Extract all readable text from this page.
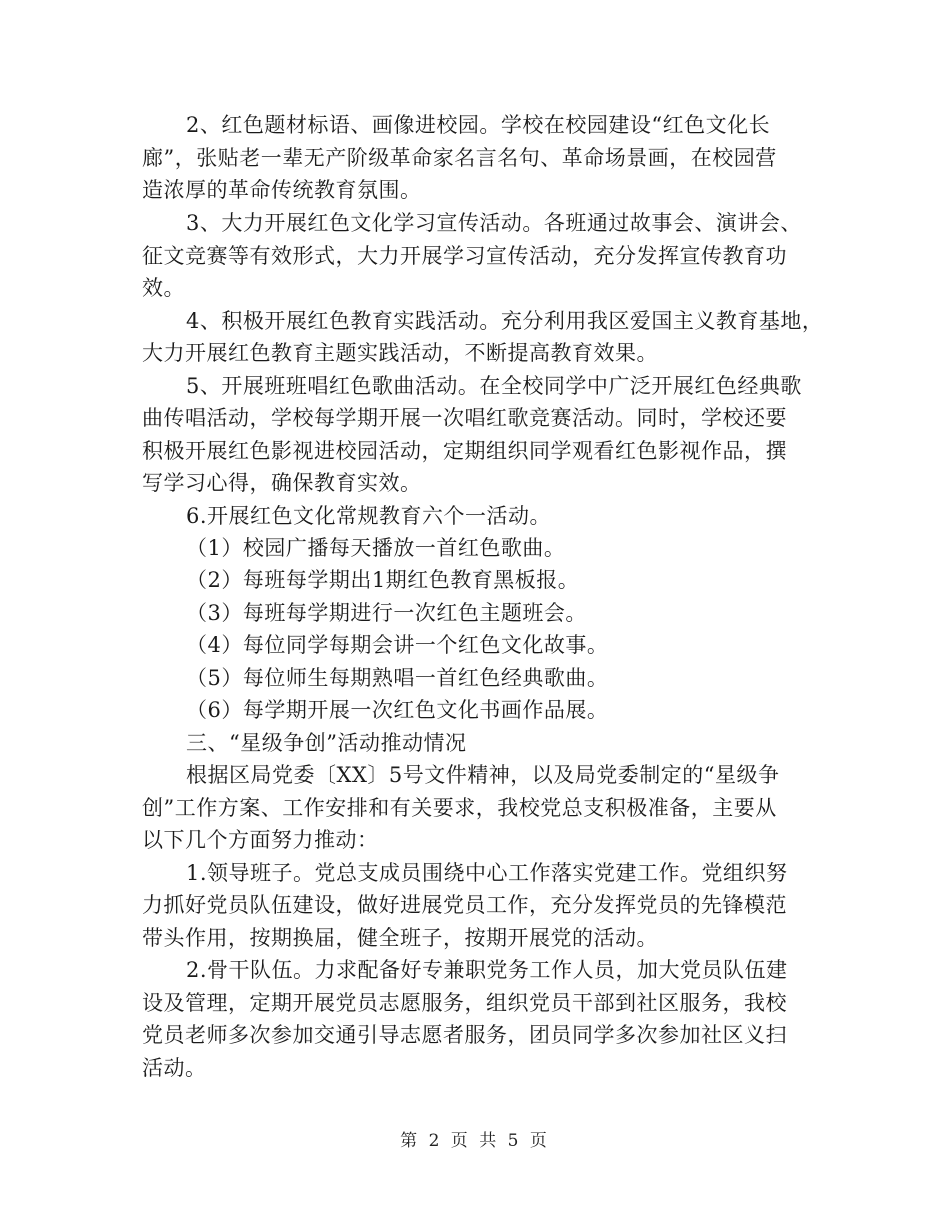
2、红色题材标语、画像进校园。学校在校园建设“红色文化长
廊”，张贴老一辈无产阶级革命家名言名句、革命场景画，在校园营
造浓厚的革命传统教育氛围。
3、大力开展红色文化学习宣传活动。各班通过故事会、演讲会、
征文竞赛等有效形式，大力开展学习宣传活动，充分发挥宣传教育功
效。
4、积极开展红色教育实践活动。充分利用我区爱国主义教育基地，
大力开展红色教育主题实践活动，不断提高教育效果。
5、开展班班唱红色歌曲活动。在全校同学中广泛开展红色经典歌
曲传唱活动，学校每学期开展一次唱红歌竞赛活动。同时，学校还要
积极开展红色影视进校园活动，定期组织同学观看红色影视作品，撰
写学习心得，确保教育实效。
6.开展红色文化常规教育六个一活动。
（1）校园广播每天播放一首红色歌曲。
（2）每班每学期出1期红色教育黑板报。
（3）每班每学期进行一次红色主题班会。
（4）每位同学每期会讲一个红色文化故事。
（5）每位师生每期熟唱一首红色经典歌曲。
（6）每学期开展一次红色文化书画作品展。
三、“星级争创”活动推动情况
根据区局党委〔XX〕5号文件精神，以及局党委制定的“星级争
创”工作方案、工作安排和有关要求，我校党总支积极准备，主要从
以下几个方面努力推动：
1.领导班子。党总支成员围绕中心工作落实党建工作。党组织努
力抓好党员队伍建设，做好进展党员工作，充分发挥党员的先锋模范
带头作用，按期换届，健全班子，按期开展党的活动。
2.骨干队伍。力求配备好专兼职党务工作人员，加大党员队伍建
设及管理，定期开展党员志愿服务，组织党员干部到社区服务，我校
党员老师多次参加交通引导志愿者服务，团员同学多次参加社区义扫
活动。
第 2 页 共 5 页
